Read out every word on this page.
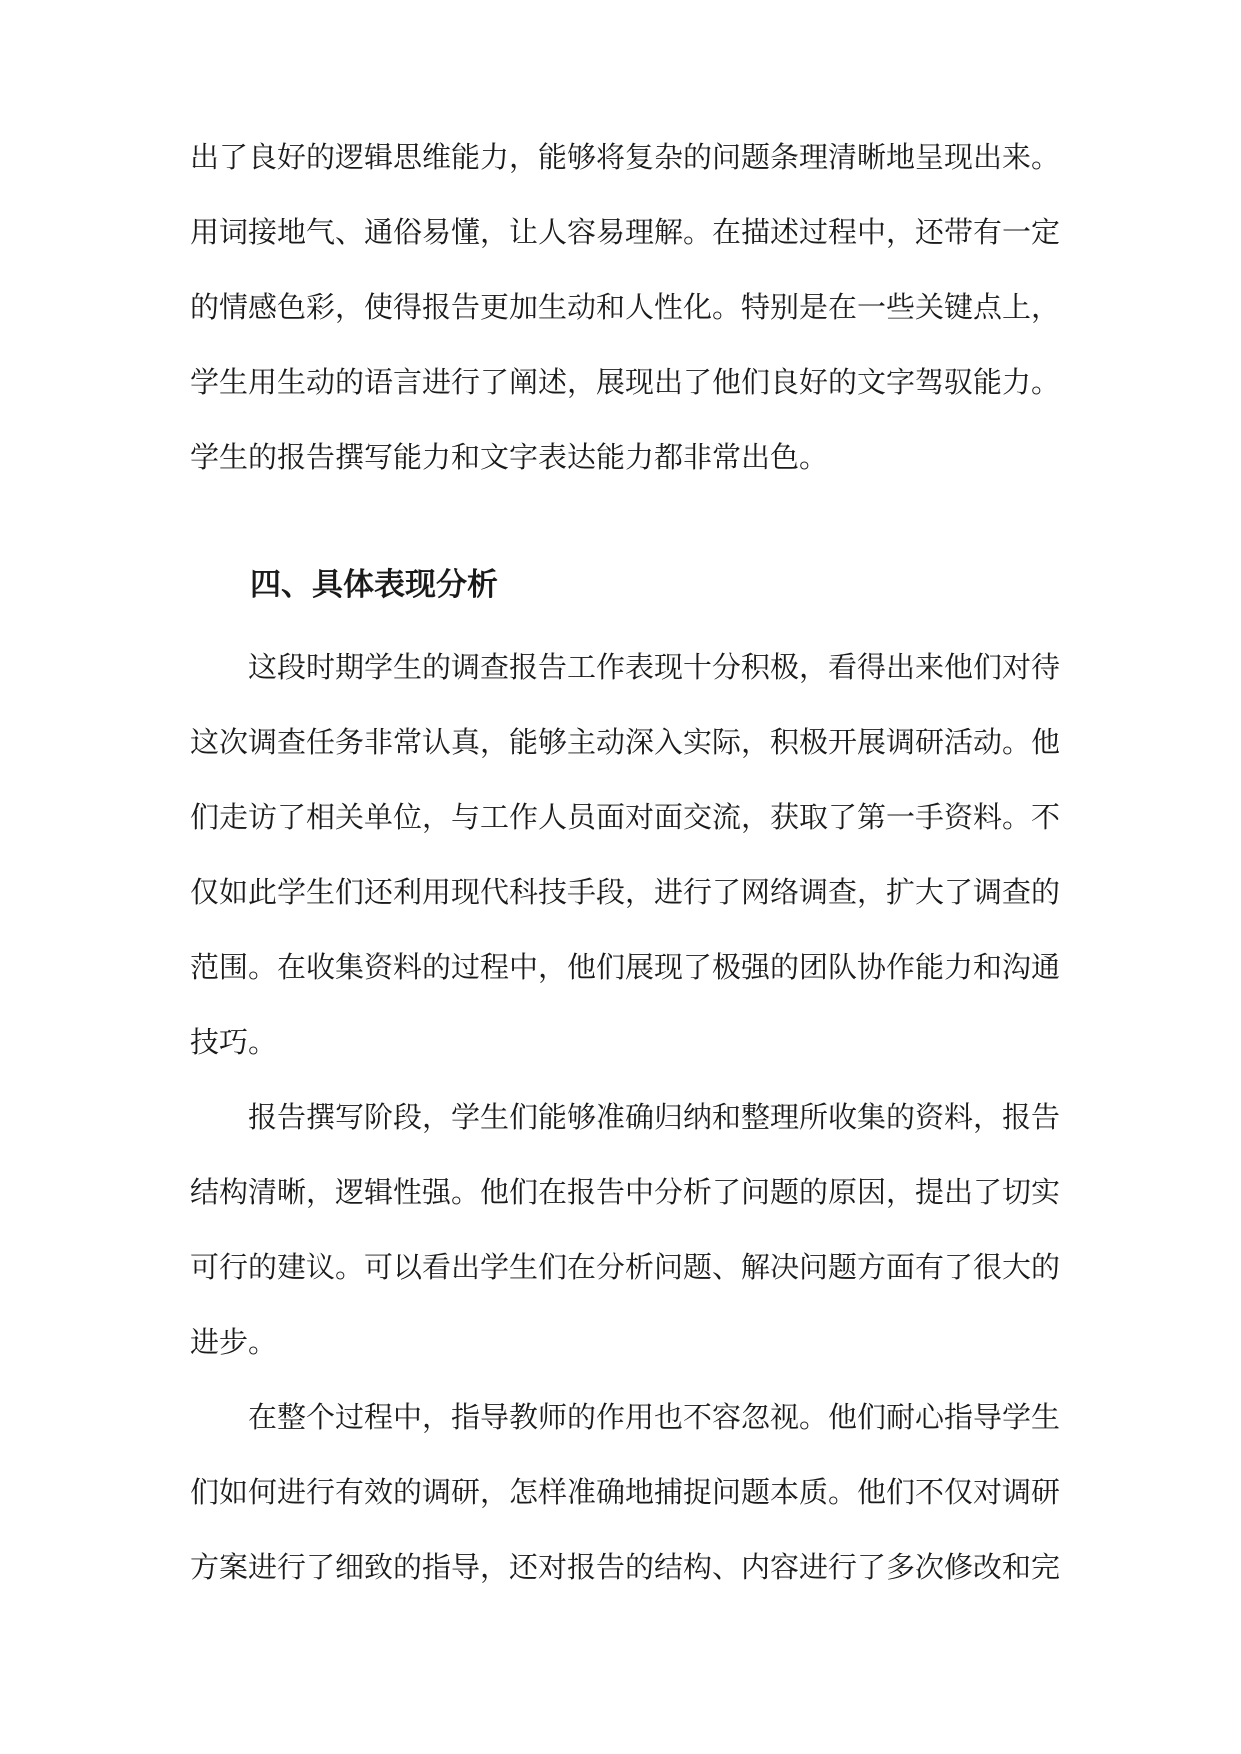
出了良好的逻辑思维能力，能够将复杂的问题条理清晰地呈现出来。用词接地气、通俗易懂，让人容易理解。在描述过程中，还带有一定的情感色彩，使得报告更加生动和人性化。特别是在一些关键点上，学生用生动的语言进行了阐述，展现出了他们良好的文字驾驭能力。学生的报告撰写能力和文字表达能力都非常出色。

四、具体表现分析

这段时期学生的调查报告工作表现十分积极，看得出来他们对待这次调查任务非常认真，能够主动深入实际，积极开展调研活动。他们走访了相关单位，与工作人员面对面交流，获取了第一手资料。不仅如此学生们还利用现代科技手段，进行了网络调查，扩大了调查的范围。在收集资料的过程中，他们展现了极强的团队协作能力和沟通技巧。

报告撰写阶段，学生们能够准确归纳和整理所收集的资料，报告结构清晰，逻辑性强。他们在报告中分析了问题的原因，提出了切实可行的建议。可以看出学生们在分析问题、解决问题方面有了很大的进步。

在整个过程中，指导教师的作用也不容忽视。他们耐心指导学生们如何进行有效的调研，怎样准确地捕捉问题本质。他们不仅对调研方案进行了细致的指导，还对报告的结构、内容进行了多次修改和完
